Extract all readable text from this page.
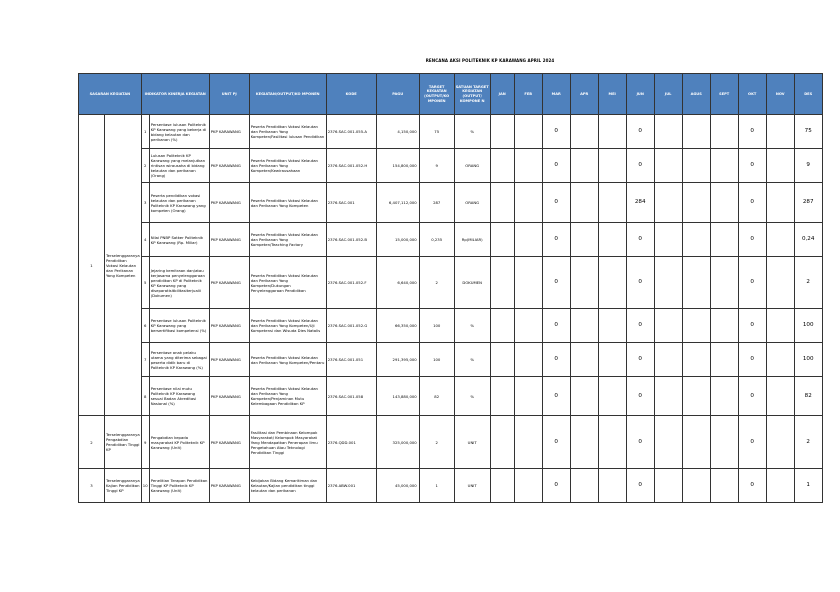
RENCANA AKSI POLITEKNIK KP KARAWANG APRIL 2024
SASARAN KEGIATAN		INDIKATOR KINERJA KEGIATAN		UNIT PJ	KEGIATAN/OUTPUT/KO MPONEN	KODE	PAGU	TARGET KEGIATAN (OUTPUT/KO MPONEN	SATUAN TARGET KEGIATAN (OUTPUT/ KOMPONE N	JAN	FEB	MAR	APR	MEI	JUN	JUL	AGUS	SEPT	OKT	NOV	DES
1	Terselenggaranya Pendidikan Vokasi Kelautan dan Perikanan Yang Kompeten	1	Persentase lulusan Politeknik KP Karawang yang bekerja di bidang kelautan dan perikanan (%)	PKP KARAWANG	Peserta Pendidikan Vokasi Kelautan dan Perikanan Yang Kompeten/Fasilitasi lulusan Pendidikan	2376.SAC.001.055.A	4,150,000	75	%			0			0				0		75
		2	Lulusan Politeknik KP Karawang yang melanjutkan rintisan wirausaha di bidang kelautan dan perikanan (Orang)	PKP KARAWANG	Peserta Pendidikan Vokasi Kelautan dan Perikanan Yang Kompeten/Kewirausahaan	2376.SAC.001.052.H	154,800,000	9	ORANG			0			0				0		9
		3	Peserta pendidikan vokasi kelautan dan perikanan Politeknik KP Karawang yang kompeten (Orang)	PKP KARAWANG	Peserta Pendidikan Vokasi Kelautan dan Perikanan Yang Kompeten	2376.SAC.001	6,407,112,000	287	ORANG			0			284				0		287
		4	Nilai PNBP Satker Politeknik KP Karawang (Rp. Miliar)	PKP KARAWANG	Peserta Pendidikan Vokasi Kelautan dan Perikanan Yang Kompeten/Teaching Factory	2376.SAC.001.052.B	15,000,000	0,235	Rp(MILIAR)			0			0				0		0,24
		5	Jejaring kemitraan dan/atau kerjasama penyelenggaraan pendidikan KP di Politeknik KP Karawang yang diseparatisitbilitasiterjualii (Dokumen)	PKP KARAWANG	Peserta Pendidikan Vokasi Kelautan dan Perikanan Yang Kompeten/Dukungan Penyelenggaraan Pendidikan	2376.SAC.001.052.F	6,640,000	2	DOKUMEN			0			0				0		2
		6	Persentase lulusan Politeknik KP Karawang yang bersertifikasi kompetensi (%)	PKP KARAWANG	Peserta Pendidikan Vokasi Kelautan dan Perikanan Yang Kompeten/Uji Kompetensi dan Wisuda Dies Natalis	2376.SAC.001.052.G	66,350,000	100	%			0			0				0		100
		7	Persentase anak pelaku utama yang diterima sebagai peserta didik baru di Politeknik KP Karawang (%)	PKP KARAWANG	Peserta Pendidikan Vokasi Kelautan dan Perikanan Yang Kompeten/Pentaru	2376.SAC.001.051	291,395,000	100	%			0			0				0		100
		8	Persentase nilai mutu Politeknik KP Karawang sesuai Badan Akreditasi Nasional (%)	PKP KARAWANG	Peserta Pendidikan Vokasi Kelautan dan Perikanan Yang Kompeten/Penjaminan Mutu Kelembagaan Pendidikan KP	2376.SAC.001.058	143,880,000	82	%			0			0				0		82
2	Terselenggaranya Pengabdian Pendidikan Tinggi KP	9	Pengabdian kepada masyarakat KP Politeknik KP Karawang (Unit)	PKP KARAWANG	Fasilitasi dan Pembinaan Kelompok Masyarakat/ Kelompok Masyarakat Yang Mendapatkan Penerapan Ilmu Pengetahuan Atau Teknologi Pendidikan Tinggi	2376.QDD.001	325,000,000	2	UNIT			0			0				0		2
3	Terselenggaranya Kajian Pendidikan Tinggi KP	10	Penelitian Terapan Pendidikan Tinggi KP Politeknik KP Karawang (Unit)	PKP KARAWANG	Kebijakan Bidang Kemaritiman dan Kelautan/Kajian pendidikan tinggi kelautan dan perikanan	2376.ABW.001	45,000,000	1	UNIT			0			0				0		1
